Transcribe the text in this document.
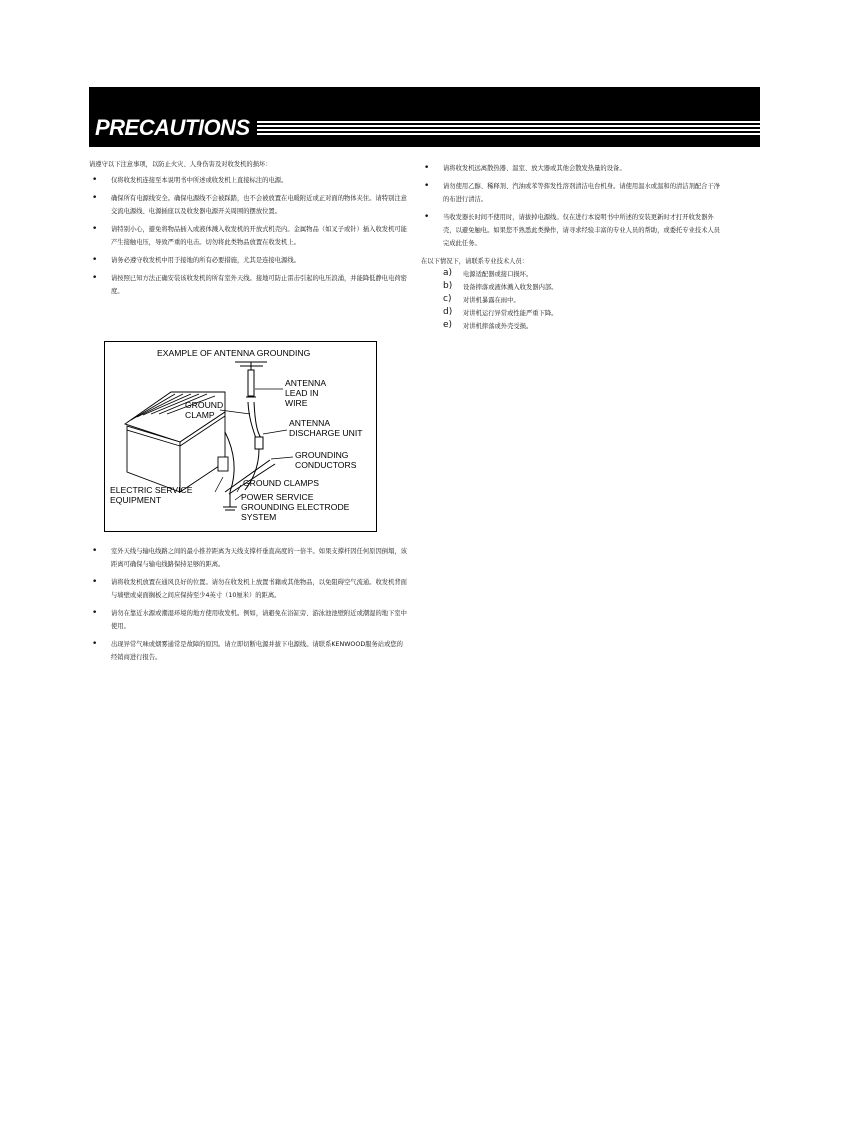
PRECAUTIONS
请遵守以下注意事项，以防止火灾、人身伤害及对收发机的损坏：
• 仅将收发机连接至本说明书中所述或收发机上直接标注的电源。
• 确保所有电源线安全。确保电源线不会被踩踏，也不会被放置在电暖附近或正对面的物体夹住。请特别注意交流电源线、电源插座以及收发器电源开关周围的摆放位置。
• 请特别小心，避免将物品插入或液体溅入收发机的开放式机壳内。金属物品（如叉子或针）插入收发机可能产生接触电压，导致严重的电击。切勿将此类物品放置在收发机上。
• 请务必遵守收发机中用于接地的所有必要措施，尤其是连接电源线。
• 请按照已知方法正确安装该收发机的所有室外天线。接地可防止雷击引起的电压浪涌，并能降低静电电荷密度。
EXAMPLE OF ANTENNA GROUNDING
ANTENNA LEAD IN WIRE
GROUND CLAMP
ANTENNA DISCHARGE UNIT
GROUNDING CONDUCTORS
GROUND CLAMPS
ELECTRIC SERVICE EQUIPMENT	POWER SERVICE GROUNDING ELECTRODE SYSTEM
• 室外天线与输电线路之间的最小推荐距离为天线支撑杆垂直高度的一倍半。如果支撑杆因任何原因倒塌，该距离可确保与输电线路保持足够的距离。
• 请将收发机放置在通风良好的位置。请勿在收发机上放置书籍或其他物品，以免阻碍空气流通。收发机背面与墙壁或桌面搁板之间应保持至少4英寸（10厘米）的距离。
• 请勿在靠近水源或潮湿环境的地方使用收发机。例如，请避免在浴缸旁、游泳池池壁附近或潮湿的地下室中使用。
• 出现异常气味或烟雾通常是故障的原因。请立即切断电源并拔下电源线。请联系KENWOOD服务站或您的经销商进行报告。
• 请将收发机远离散热器、温室、放大器或其他会散发热量的设备。
• 请勿使用乙醇、稀释剂、汽油或苯等挥发性溶剂清洁电台机身。请使用温水或温和的清洁剂配合干净的布进行清洁。
• 当收发器长时间不使用时，请拔掉电源线。仅在进行本说明书中所述的安装更新时才打开收发器外壳，以避免触电。如果您不熟悉此类操作，请寻求经验丰富的专业人员的帮助，或委托专业技术人员完成此任务。
在以下情况下，请联系专业技术人员：
a) 电源适配器或接口损坏。
b) 设备摔落或液体溅入收发器内部。
c) 对讲机暴露在雨中。
d) 对讲机运行异常或性能严重下降。
e) 对讲机摔落或外壳受损。
